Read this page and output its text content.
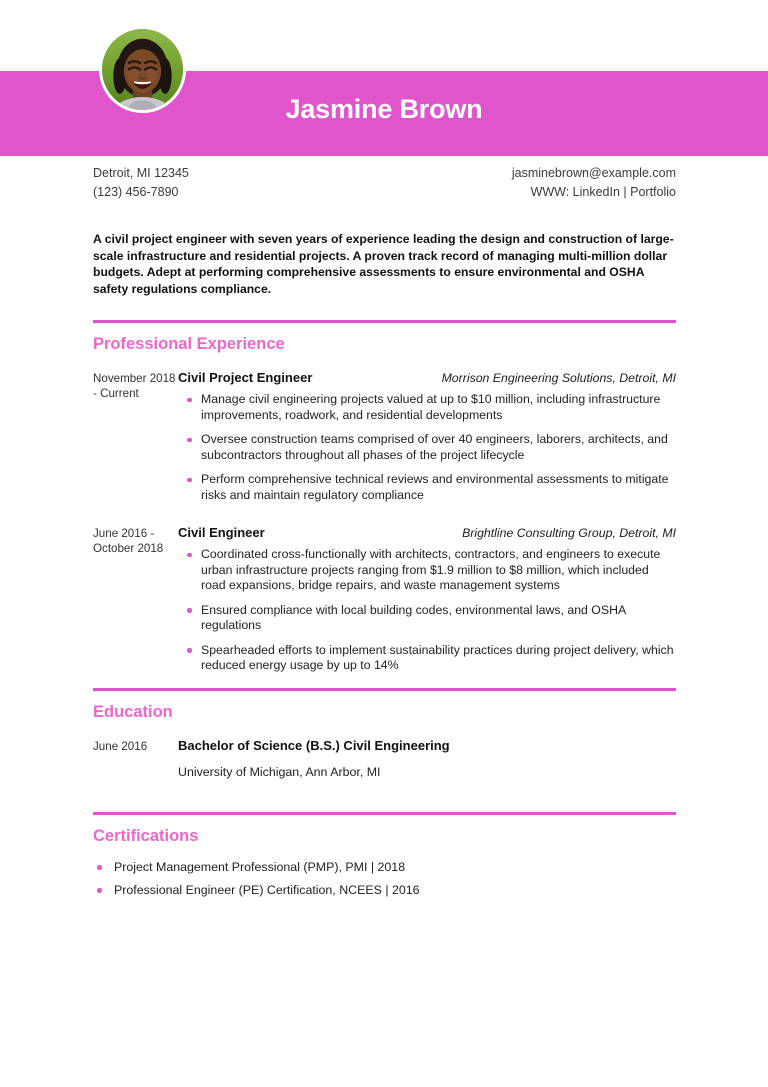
Jasmine Brown
Detroit, MI 12345
(123) 456-7890
jasminebrown@example.com
WWW: LinkedIn | Portfolio
A civil project engineer with seven years of experience leading the design and construction of large-scale infrastructure and residential projects. A proven track record of managing multi-million dollar budgets. Adept at performing comprehensive assessments to ensure environmental and OSHA safety regulations compliance.
Professional Experience
November 2018 - Current
Civil Project Engineer	Morrison Engineering Solutions, Detroit, MI
Manage civil engineering projects valued at up to $10 million, including infrastructure improvements, roadwork, and residential developments
Oversee construction teams comprised of over 40 engineers, laborers, architects, and subcontractors throughout all phases of the project lifecycle
Perform comprehensive technical reviews and environmental assessments to mitigate risks and maintain regulatory compliance
June 2016 - October 2018
Civil Engineer	Brightline Consulting Group, Detroit, MI
Coordinated cross-functionally with architects, contractors, and engineers to execute urban infrastructure projects ranging from $1.9 million to $8 million, which included road expansions, bridge repairs, and waste management systems
Ensured compliance with local building codes, environmental laws, and OSHA regulations
Spearheaded efforts to implement sustainability practices during project delivery, which reduced energy usage by up to 14%
Education
June 2016	Bachelor of Science (B.S.) Civil Engineering
University of Michigan, Ann Arbor, MI
Certifications
Project Management Professional (PMP), PMI | 2018
Professional Engineer (PE) Certification, NCEES | 2016
